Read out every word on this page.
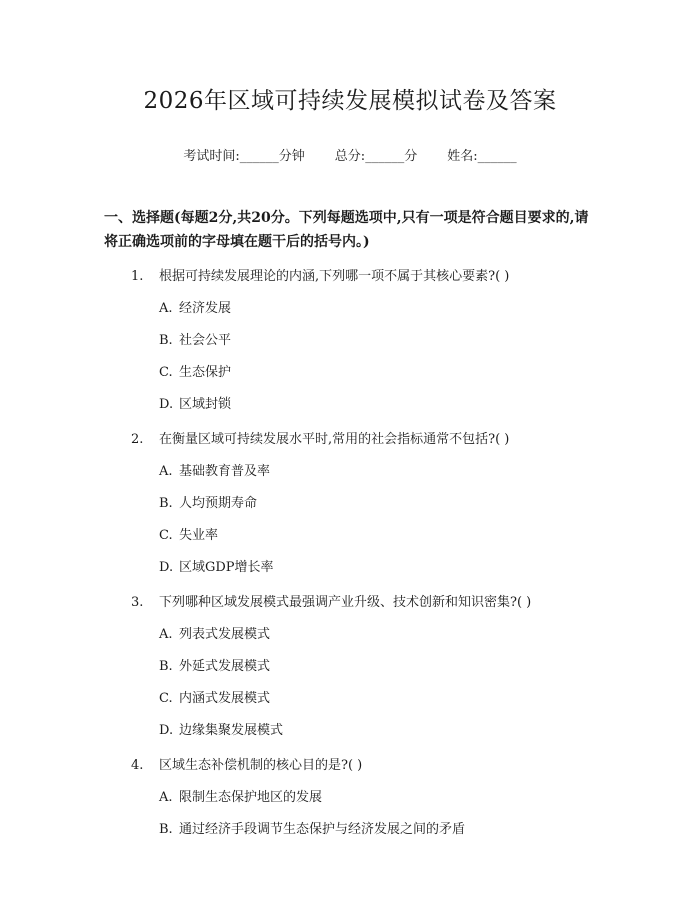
2026年区域可持续发展模拟试卷及答案
考试时间:______分钟 总分:______分 姓名:______
一、选择题(每题2分,共20分。下列每题选项中,只有一项是符合题目要求的,请将正确选项前的字母填在题干后的括号内。)
1.	根据可持续发展理论的内涵,下列哪一项不属于其核心要素?( )
A. 经济发展
B. 社会公平
C. 生态保护
D. 区域封锁
2.	在衡量区域可持续发展水平时,常用的社会指标通常不包括?( )
A. 基础教育普及率
B. 人均预期寿命
C. 失业率
D. 区域GDP增长率
3.	下列哪种区域发展模式最强调产业升级、技术创新和知识密集?( )
A. 列表式发展模式
B. 外延式发展模式
C. 内涵式发展模式
D. 边缘集聚发展模式
4.	区域生态补偿机制的核心目的是?( )
A. 限制生态保护地区的发展
B. 通过经济手段调节生态保护与经济发展之间的矛盾
